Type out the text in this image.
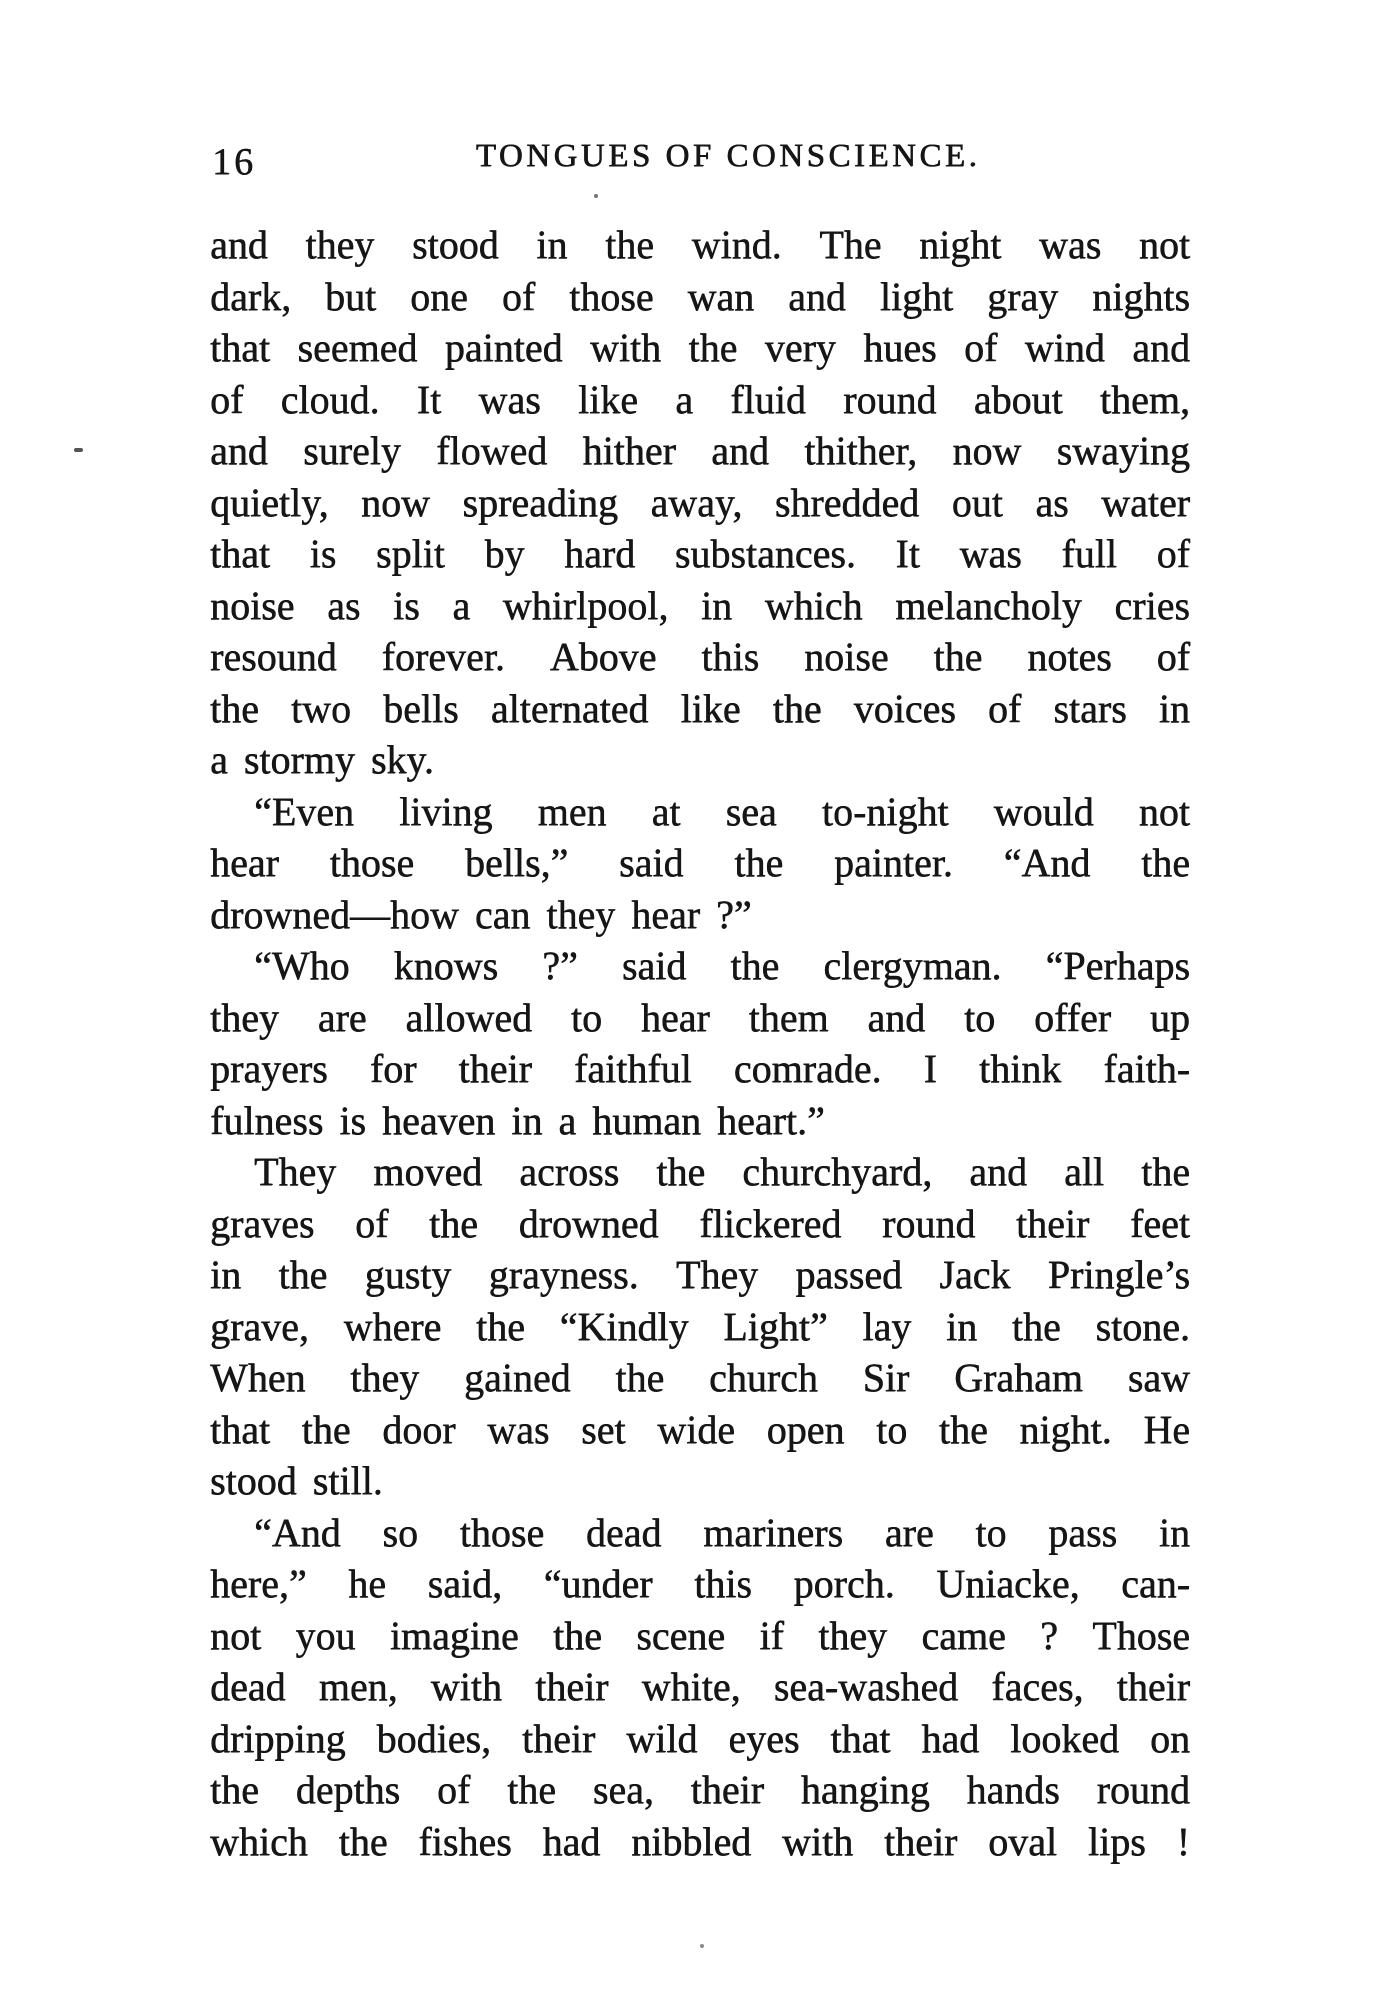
16	TONGUES OF CONSCIENCE.
and they stood in the wind. The night was not
dark, but one of those wan and light gray nights
that seemed painted with the very hues of wind and
of cloud. It was like a fluid round about them,
and surely flowed hither and thither, now swaying
quietly, now spreading away, shredded out as water
that is split by hard substances. It was full of
noise as is a whirlpool, in which melancholy cries
resound forever. Above this noise the notes of
the two bells alternated like the voices of stars in
a stormy sky.
“Even living men at sea to-night would not
hear those bells,” said the painter. “And the
drowned—how can they hear ?”
“Who knows ?” said the clergyman. “Perhaps
they are allowed to hear them and to offer up
prayers for their faithful comrade. I think faith-
fulness is heaven in a human heart.”
They moved across the churchyard, and all the
graves of the drowned flickered round their feet
in the gusty grayness. They passed Jack Pringle’s
grave, where the “Kindly Light” lay in the stone.
When they gained the church Sir Graham saw
that the door was set wide open to the night. He
stood still.
“And so those dead mariners are to pass in
here,” he said, “under this porch. Uniacke, can-
not you imagine the scene if they came ? Those
dead men, with their white, sea-washed faces, their
dripping bodies, their wild eyes that had looked on
the depths of the sea, their hanging hands round
which the fishes had nibbled with their oval lips !
